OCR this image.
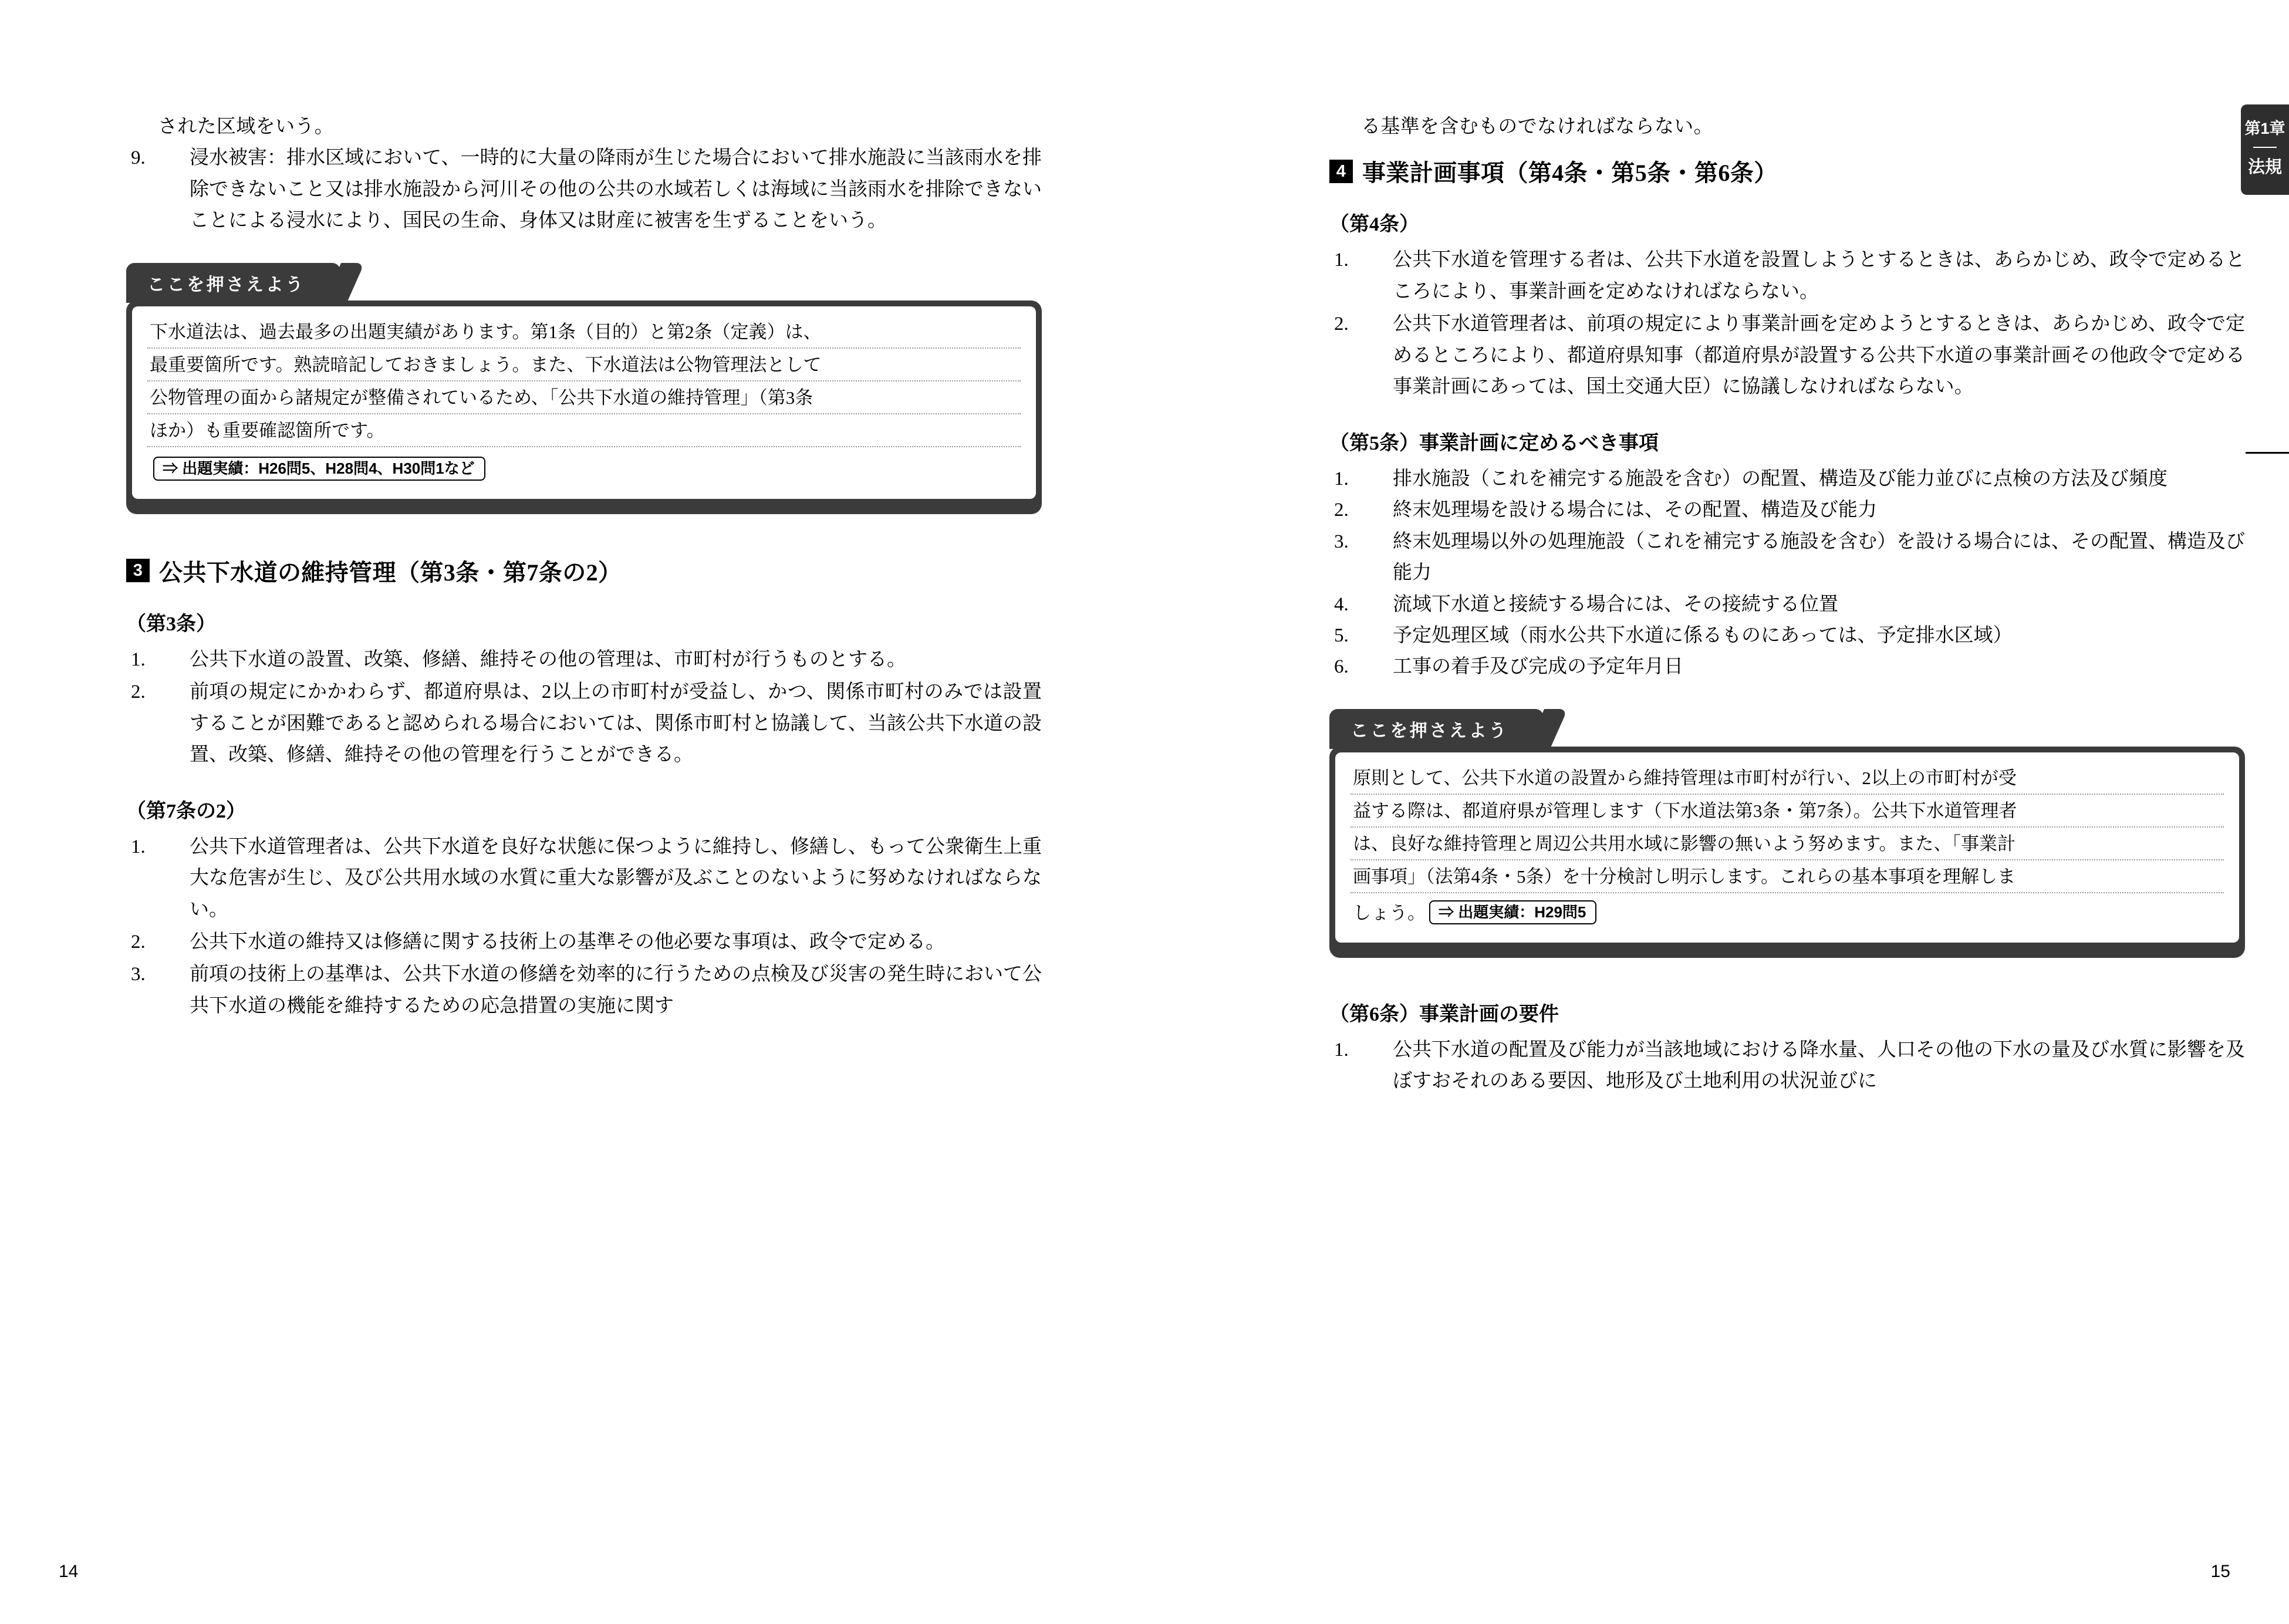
された区域をいう。
9.	浸水被害：排水区域において、一時的に大量の降雨が生じた場合において排水施設に当該雨水を排除できないこと又は排水施設から河川その他の公共の水域若しくは海域に当該雨水を排除できないことによる浸水により、国民の生命、身体又は財産に被害を生ずることをいう。
ここを押さえよう
下水道法は、過去最多の出題実績があります。第1条（目的）と第2条（定義）は、
最重要箇所です。熟読暗記しておきましょう。また、下水道法は公物管理法として
公物管理の面から諸規定が整備されているため、「公共下水道の維持管理」（第3条
ほか）も重要確認箇所です。
⇒ 出題実績：H26問5、H28問4、H30問1など
3 公共下水道の維持管理（第3条・第7条の2）
（第3条）
1.	公共下水道の設置、改築、修繕、維持その他の管理は、市町村が行うものとする。
2.	前項の規定にかかわらず、都道府県は、2以上の市町村が受益し、かつ、関係市町村のみでは設置することが困難であると認められる場合においては、関係市町村と協議して、当該公共下水道の設置、改築、修繕、維持その他の管理を行うことができる。
（第7条の2）
1.	公共下水道管理者は、公共下水道を良好な状態に保つように維持し、修繕し、もって公衆衛生上重大な危害が生じ、及び公共用水域の水質に重大な影響が及ぶことのないように努めなければならない。
2.	公共下水道の維持又は修繕に関する技術上の基準その他必要な事項は、政令で定める。
3.	前項の技術上の基準は、公共下水道の修繕を効率的に行うための点検及び災害の発生時において公共下水道の機能を維持するための応急措置の実施に関す
る基準を含むものでなければならない。
4 事業計画事項（第4条・第5条・第6条）
（第4条）
1.	公共下水道を管理する者は、公共下水道を設置しようとするときは、あらかじめ、政令で定めるところにより、事業計画を定めなければならない。
2.	公共下水道管理者は、前項の規定により事業計画を定めようとするときは、あらかじめ、政令で定めるところにより、都道府県知事（都道府県が設置する公共下水道の事業計画その他政令で定める事業計画にあっては、国土交通大臣）に協議しなければならない。
（第5条）事業計画に定めるべき事項
1.	排水施設（これを補完する施設を含む）の配置、構造及び能力並びに点検の方法及び頻度
2.	終末処理場を設ける場合には、その配置、構造及び能力
3.	終末処理場以外の処理施設（これを補完する施設を含む）を設ける場合には、その配置、構造及び能力
4.	流域下水道と接続する場合には、その接続する位置
5.	予定処理区域（雨水公共下水道に係るものにあっては、予定排水区域）
6.	工事の着手及び完成の予定年月日
ここを押さえよう
原則として、公共下水道の設置から維持管理は市町村が行い、2以上の市町村が受
益する際は、都道府県が管理します（下水道法第3条・第7条）。公共下水道管理者
は、良好な維持管理と周辺公共用水域に影響の無いよう努めます。また、「事業計
画事項」（法第4条・5条）を十分検討し明示します。これらの基本事項を理解しま
しょう。 ⇒ 出題実績：H29問5
（第6条）事業計画の要件
1.	公共下水道の配置及び能力が当該地域における降水量、人口その他の下水の量及び水質に影響を及ぼすおそれのある要因、地形及び土地利用の状況並びに
第1章
法規
14	15
